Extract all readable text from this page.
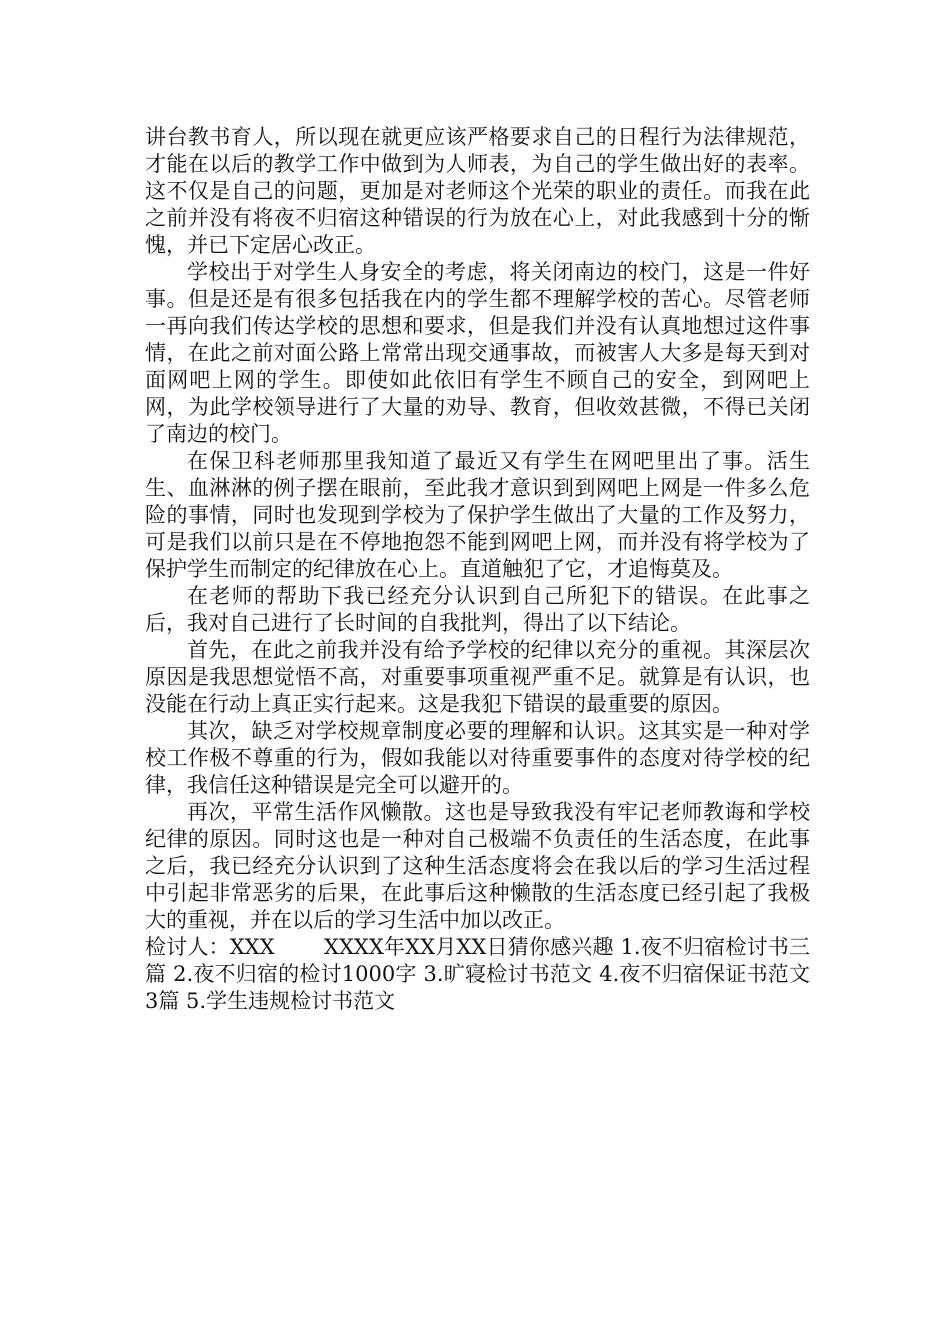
讲台教书育人，所以现在就更应该严格要求自己的日程行为法律规范，才能在以后的教学工作中做到为人师表，为自己的学生做出好的表率。这不仅是自己的问题，更加是对老师这个光荣的职业的责任。而我在此之前并没有将夜不归宿这种错误的行为放在心上，对此我感到十分的惭愧，并已下定居心改正。

学校出于对学生人身安全的考虑，将关闭南边的校门，这是一件好事。但是还是有很多包括我在内的学生都不理解学校的苦心。尽管老师一再向我们传达学校的思想和要求，但是我们并没有认真地想过这件事情，在此之前对面公路上常常出现交通事故，而被害人大多是每天到对面网吧上网的学生。即使如此依旧有学生不顾自己的安全，到网吧上网，为此学校领导进行了大量的劝导、教育，但收效甚微，不得已关闭了南边的校门。

在保卫科老师那里我知道了最近又有学生在网吧里出了事。活生生、血淋淋的例子摆在眼前，至此我才意识到到网吧上网是一件多么危险的事情，同时也发现到学校为了保护学生做出了大量的工作及努力，可是我们以前只是在不停地抱怨不能到网吧上网，而并没有将学校为了保护学生而制定的纪律放在心上。直道触犯了它，才追悔莫及。

在老师的帮助下我已经充分认识到自己所犯下的错误。在此事之后，我对自己进行了长时间的自我批判，得出了以下结论。

首先，在此之前我并没有给予学校的纪律以充分的重视。其深层次原因是我思想觉悟不高，对重要事项重视严重不足。就算是有认识，也没能在行动上真正实行起来。这是我犯下错误的最重要的原因。

其次，缺乏对学校规章制度必要的理解和认识。这其实是一种对学校工作极不尊重的行为，假如我能以对待重要事件的态度对待学校的纪律，我信任这种错误是完全可以避开的。

再次，平常生活作风懒散。这也是导致我没有牢记老师教诲和学校纪律的原因。同时这也是一种对自己极端不负责任的生活态度，在此事之后，我已经充分认识到了这种生活态度将会在我以后的学习生活过程中引起非常恶劣的后果，在此事后这种懒散的生活态度已经引起了我极大的重视，并在以后的学习生活中加以改正。

检讨人：XXX　　 XXXX年XX月XX日猜你感兴趣 1.夜不归宿检讨书三篇 2.夜不归宿的检讨1000字 3.旷寝检讨书范文 4.夜不归宿保证书范文3篇 5.学生违规检讨书范文
